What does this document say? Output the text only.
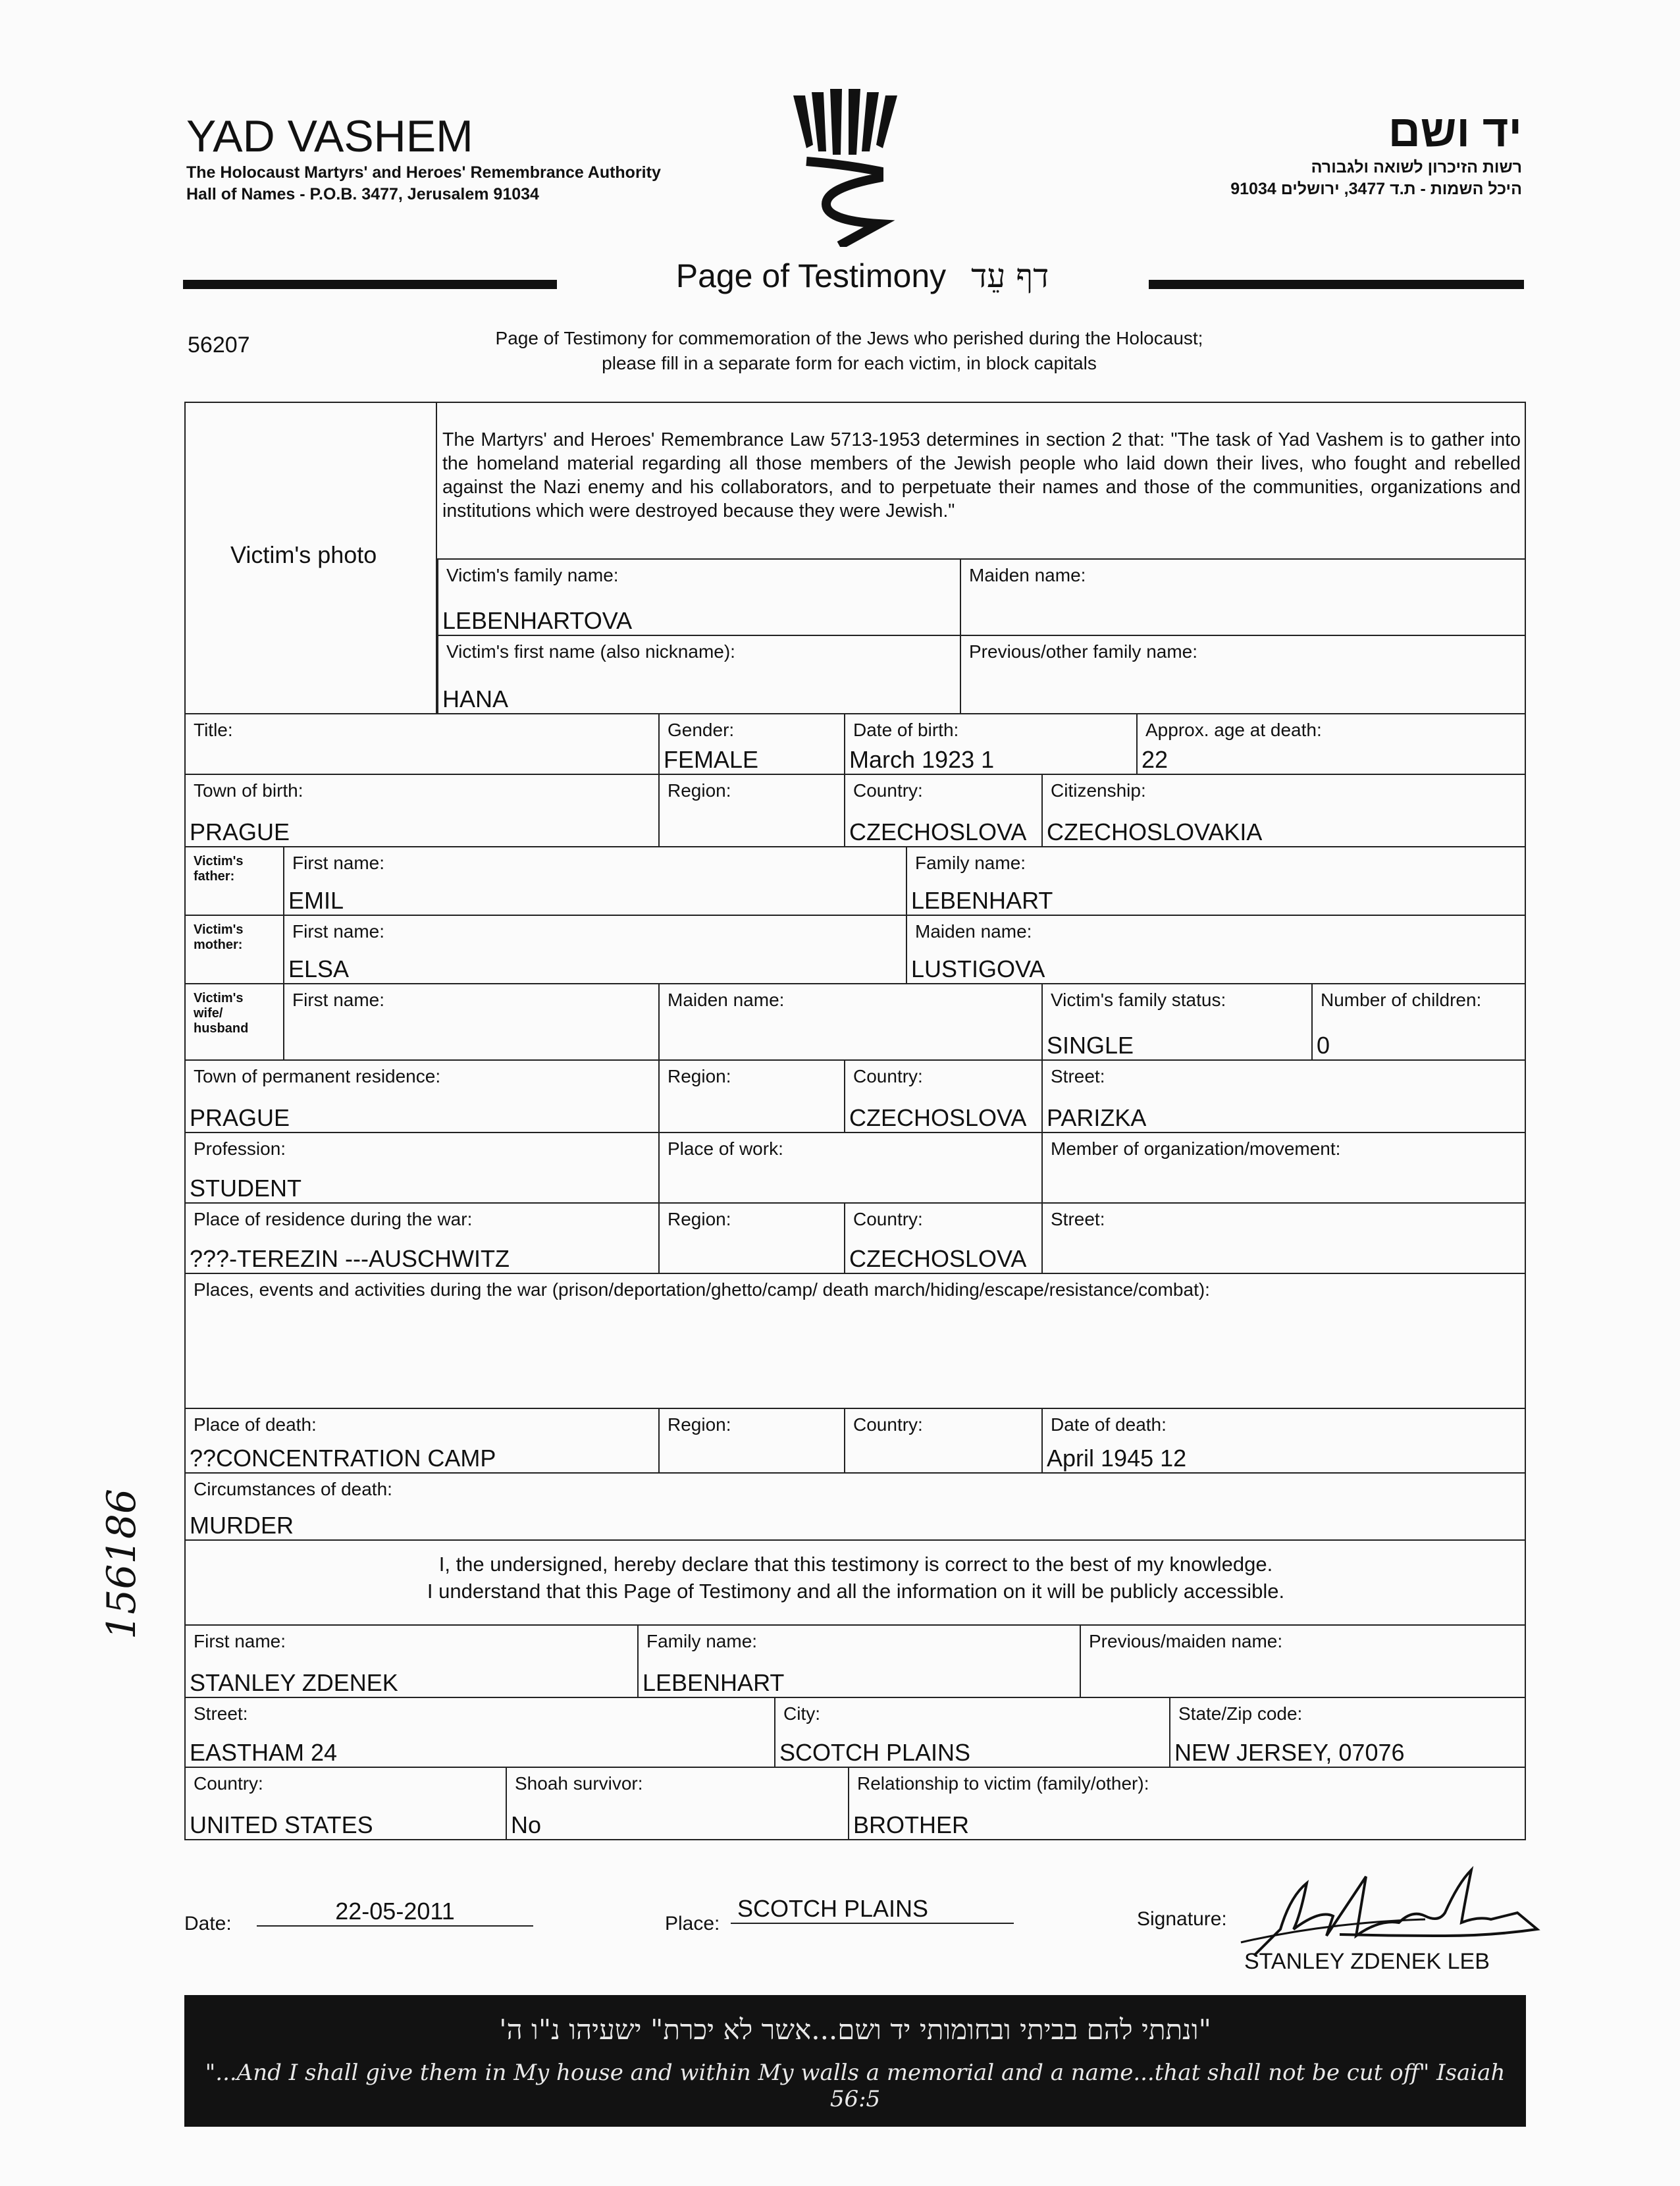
YAD VASHEM
The Holocaust Martyrs' and Heroes' Remembrance Authority
Hall of Names - P.O.B. 3477, Jerusalem 91034
יד ושם
רשות הזיכרון לשואה ולגבורה
היכל השמות - ת.ד 3477, ירושלים 91034
Page of Testimony דף עֵד
56207	Page of Testimony for commemoration of the Jews who perished during the Holocaust;
please fill in a separate form for each victim, in block capitals
Victim's photo
The Martyrs' and Heroes' Remembrance Law 5713-1953 determines in section 2 that: "The task of Yad Vashem is to gather into the homeland material regarding all those members of the Jewish people who laid down their lives, who fought and rebelled against the Nazi enemy and his collaborators, and to perpetuate their names and those of the communities, organizations and institutions which were destroyed because they were Jewish."
Victim's family name:
LEBENHARTOVA
Maiden name:
Victim's first name (also nickname):
HANA
Previous/other family name:
Title:	Gender:
FEMALE
Date of birth:
March 1923 1
Approx. age at death:
22
Town of birth:
PRAGUE
Region:	Country:
CZECHOSLOVA
Citizenship:
CZECHOSLOVAKIA
Victim's father:
First name:
EMIL
Family name:
LEBENHART
Victim's mother:
First name:
ELSA
Maiden name:
LUSTIGOVA
Victim's wife/ husband
First name:	Maiden name:	Victim's family status:
SINGLE
Number of children:
0
Town of permanent residence:
PRAGUE
Region:	Country:
CZECHOSLOVA
Street:
PARIZKA
Profession:
STUDENT
Place of work:	Member of organization/movement:
Place of residence during the war:
???-TEREZIN ---AUSCHWITZ
Region:	Country:
CZECHOSLOVA
Street:
Places, events and activities during the war (prison/deportation/ghetto/camp/ death march/hiding/escape/resistance/combat):
Place of death:
??CONCENTRATION CAMP
Region:	Country:	Date of death:
April 1945 12
Circumstances of death:
MURDER
I, the undersigned, hereby declare that this testimony is correct to the best of my knowledge.
I understand that this Page of Testimony and all the information on it will be publicly accessible.
First name:
STANLEY ZDENEK
Family name:
LEBENHART
Previous/maiden name:
Street:
EASTHAM 24
City:
SCOTCH PLAINS
State/Zip code:
NEW JERSEY, 07076
Country:
UNITED STATES
Shoah survivor:
No
Relationship to victim (family/other):
BROTHER
Date:	22-05-2011	Place:
SCOTCH PLAINS	Signature:
STANLEY ZDENEK LEB
"ונתתי להם בביתי ובחומותי יד ושם...אשר לא יכרת" ישעיהו נ"ו ה'
"...And I shall give them in My house and within My walls a memorial and a name...that shall not be cut off" Isaiah 56:5
156186
